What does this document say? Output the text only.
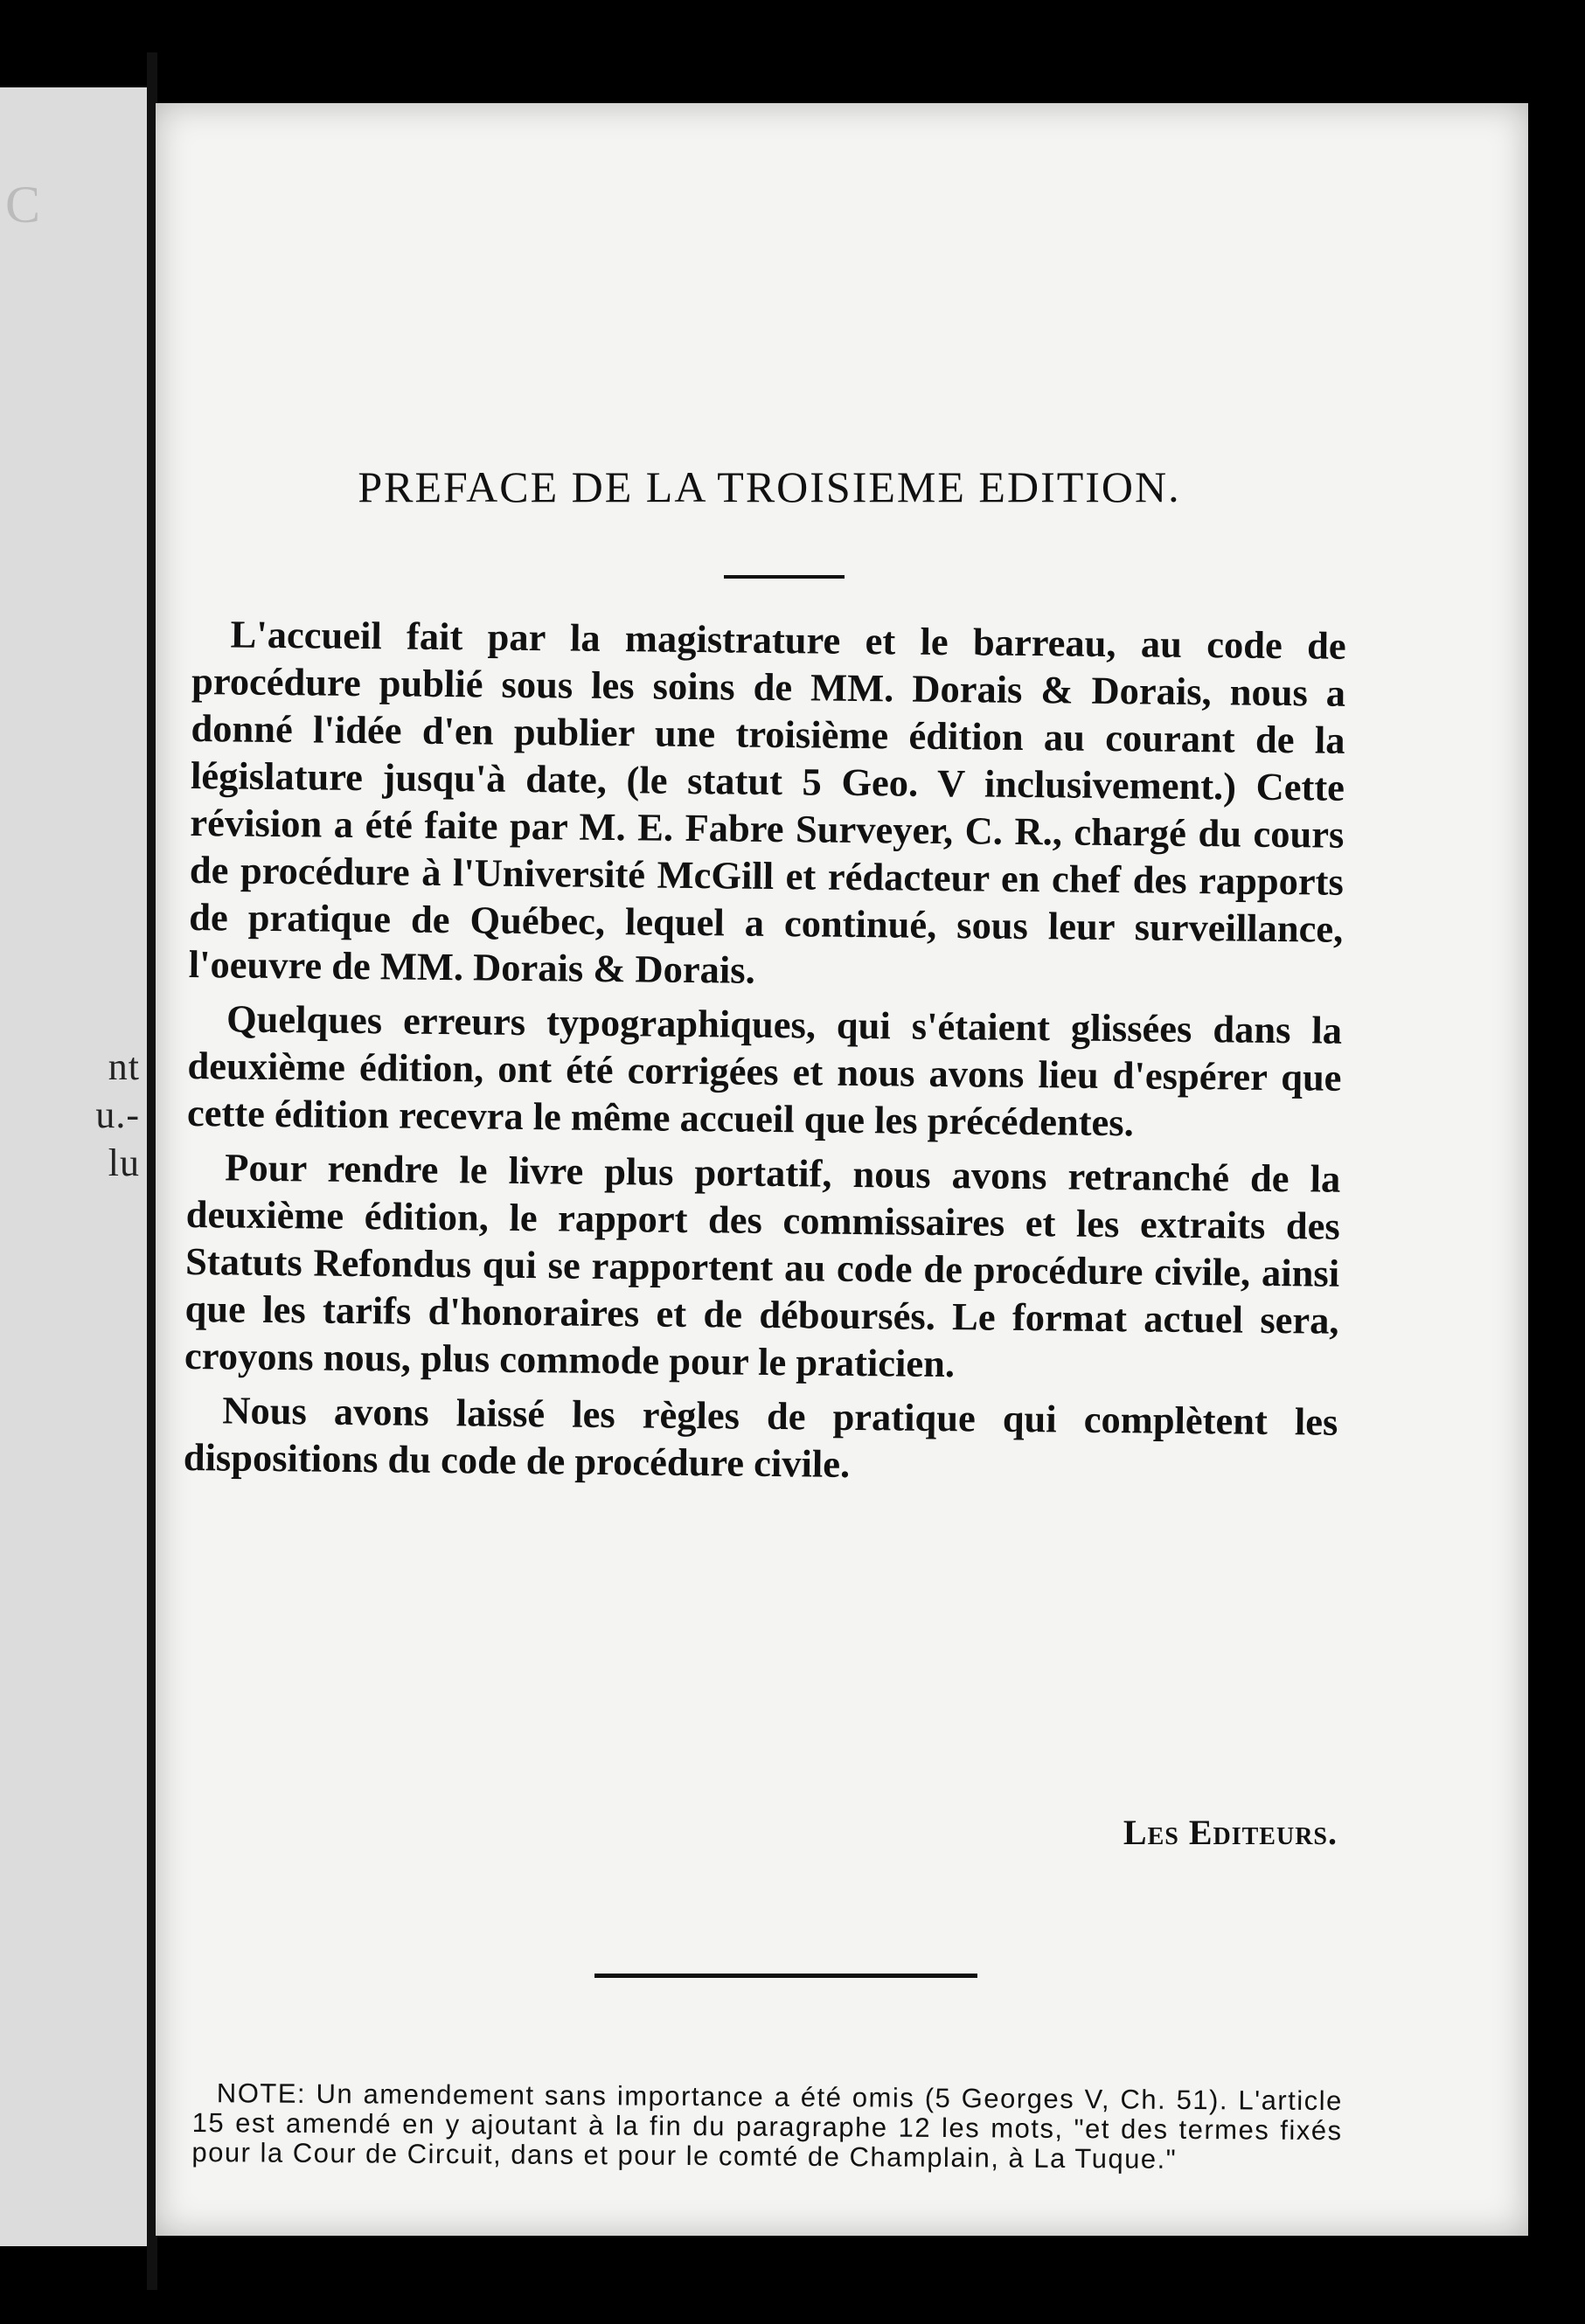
C
nt
u.-
lu
PREFACE DE LA TROISIEME EDITION.

L'accueil fait par la magistrature et le barreau, au code de procédure publié sous les soins de MM. Dorais & Dorais, nous a donné l'idée d'en publier une troisième édition au courant de la législature jusqu'à date, (le statut 5 Geo. V inclusivement.) Cette révision a été faite par M. E. Fabre Surveyer, C. R., chargé du cours de procédure à l'Université McGill et rédacteur en chef des rapports de pratique de Québec, lequel a continué, sous leur surveillance, l'oeuvre de MM. Dorais & Dorais.

Quelques erreurs typographiques, qui s'étaient glissées dans la deuxième édition, ont été corrigées et nous avons lieu d'espérer que cette édition recevra le même accueil que les précédentes.

Pour rendre le livre plus portatif, nous avons retranché de la deuxième édition, le rapport des commissaires et les extraits des Statuts Refondus qui se rapportent au code de procédure civile, ainsi que les tarifs d'honoraires et de déboursés. Le format actuel sera, croyons nous, plus commode pour le praticien.

Nous avons laissé les règles de pratique qui complètent les dispositions du code de procédure civile.

Les Editeurs.
NOTE: Un amendement sans importance a été omis (5 Georges V, Ch. 51). L'article 15 est amendé en y ajoutant à la fin du paragraphe 12 les mots, "et des termes fixés pour la Cour de Circuit, dans et pour le comté de Champlain, à La Tuque."
